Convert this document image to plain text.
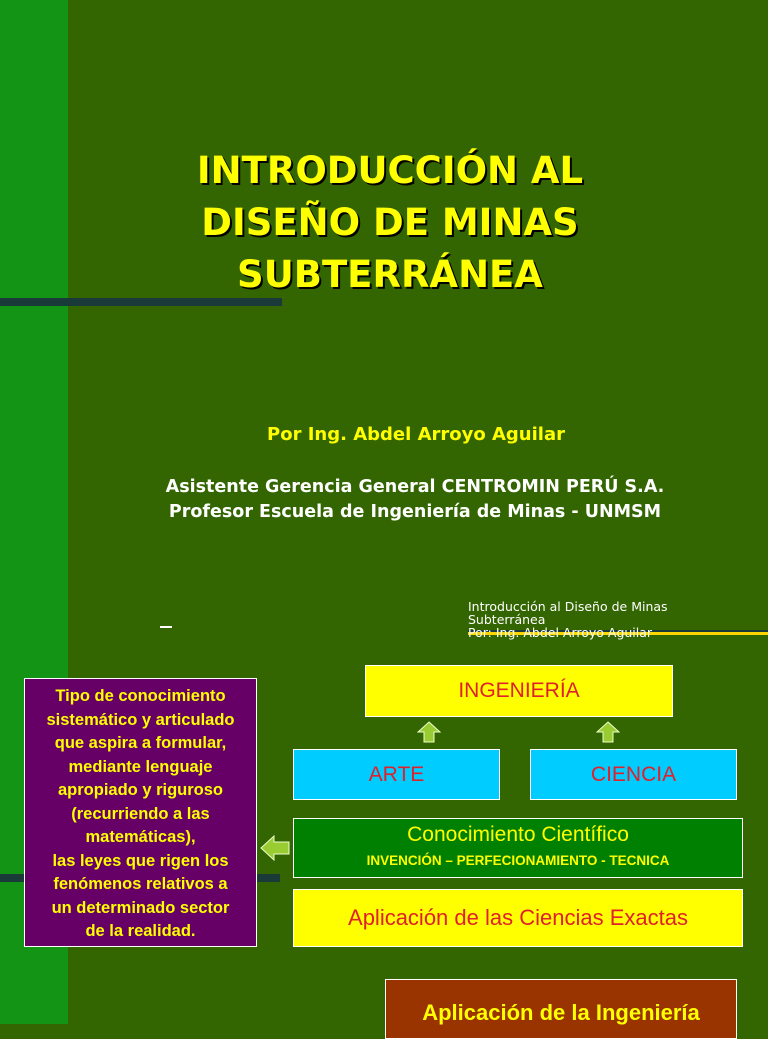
INTRODUCCIÓN AL
DISEÑO DE MINAS
SUBTERRÁNEA
Por Ing. Abdel Arroyo Aguilar
Asistente Gerencia General CENTROMIN PERÚ S.A.
Profesor Escuela de Ingeniería de Minas - UNMSM
Introducción al Diseño de Minas
Subterránea
Por: Ing. Abdel Arroyo Aguilar
Tipo de conocimiento
sistemático y articulado
que aspira a formular,
mediante lenguaje
apropiado y riguroso
(recurriendo a las
matemáticas),
las leyes que rigen los
fenómenos relativos a
un determinado sector
de la realidad.
INGENIERÍA
ARTE	CIENCIA
Conocimiento Científico
INVENCIÓN – PERFECIONAMIENTO - TECNICA
Aplicación de las Ciencias Exactas
Aplicación de la Ingeniería
